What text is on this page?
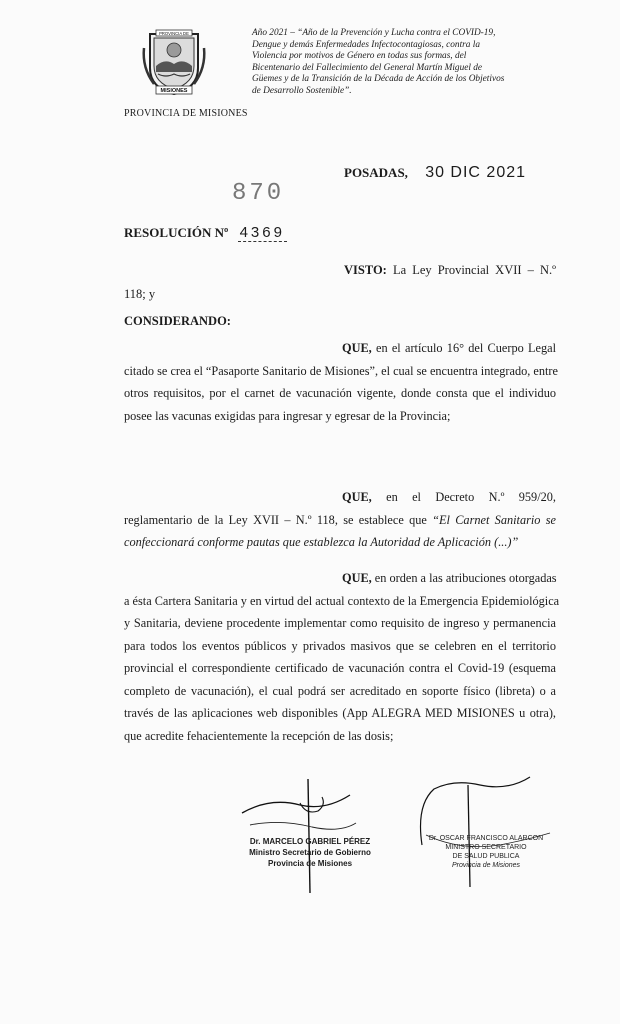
PROVINCIA DE
MISIONES
PROVINCIA DE MISIONES
Año 2021 – “Año de la Prevención y Lucha contra el COVID-19,
Dengue y demás Enfermedades Infectocontagiosas, contra la
Violencia por motivos de Género en todas sus formas, del
Bicentenario del Fallecimiento del General Martín Miguel de
Güemes y de la Transición de la Década de Acción de los Objetivos
de Desarrollo Sostenible”.
POSADAS, 30 DIC 2021
870
RESOLUCIÓN Nº 4369
VISTO: La Ley Provincial XVII – N.º
118; y
CONSIDERANDO:
QUE, en el artículo 16° del Cuerpo Legal
citado se crea el “Pasaporte Sanitario de Misiones”, el cual se encuentra integrado, entre
otros requisitos, por el carnet de vacunación vigente, donde consta que el individuo
posee las vacunas exigidas para ingresar y egresar de la Provincia;
QUE, en el Decreto N.º 959/20,
reglamentario de la Ley XVII – N.º 118, se establece que “El Carnet Sanitario se
confeccionará conforme pautas que establezca la Autoridad de Aplicación (...)”
QUE, en orden a las atribuciones otorgadas
a ésta Cartera Sanitaria y en virtud del actual contexto de la Emergencia Epidemiológica
y Sanitaria, deviene procedente implementar como requisito de ingreso y permanencia
para todos los eventos públicos y privados masivos que se celebren en el territorio
provincial el correspondiente certificado de vacunación contra el Covid-19 (esquema
completo de vacunación), el cual podrá ser acreditado en soporte físico (libreta) o a
través de las aplicaciones web disponibles (App ALEGRA MED MISIONES u otra),
que acredite fehacientemente la recepción de las dosis;
Dr. MARCELO GABRIEL PÉREZ
Ministro Secretario de Gobierno
Provincia de Misiones
Dr. OSCAR FRANCISCO ALARCON
MINISTRO SECRETARIO
DE SALUD PUBLICA
Provincia de Misiones
